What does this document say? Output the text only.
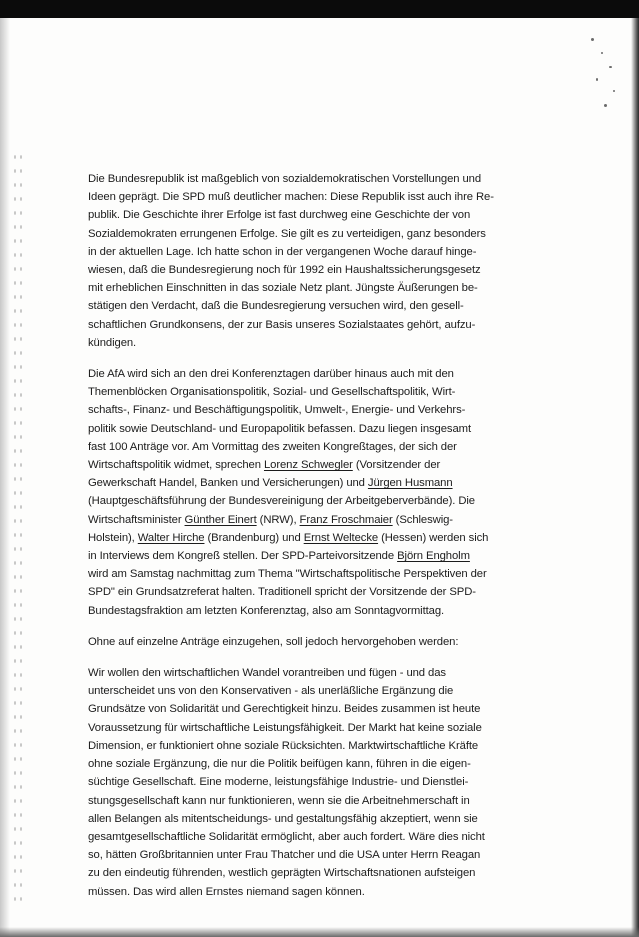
Die Bundesrepublik ist maßgeblich von sozialdemokratischen Vorstellungen und
Ideen geprägt. Die SPD muß deutlicher machen: Diese Republik isst auch ihre Re-
publik. Die Geschichte ihrer Erfolge ist fast durchweg eine Geschichte der von
Sozialdemokraten errungenen Erfolge. Sie gilt es zu verteidigen, ganz besonders
in der aktuellen Lage. Ich hatte schon in der vergangenen Woche darauf hinge-
wiesen, daß die Bundesregierung noch für 1992 ein Haushaltssicherungsgesetz
mit erheblichen Einschnitten in das soziale Netz plant. Jüngste Äußerungen be-
stätigen den Verdacht, daß die Bundesregierung versuchen wird, den gesell-
schaftlichen Grundkonsens, der zur Basis unseres Sozialstaates gehört, aufzu-
kündigen.

Die AfA wird sich an den drei Konferenztagen darüber hinaus auch mit den
Themenblöcken Organisationspolitik, Sozial- und Gesellschaftspolitik, Wirt-
schafts-, Finanz- und Beschäftigungspolitik, Umwelt-, Energie- und Verkehrs-
politik sowie Deutschland- und Europapolitik befassen. Dazu liegen insgesamt
fast 100 Anträge vor. Am Vormittag des zweiten Kongreßtages, der sich der
Wirtschaftspolitik widmet, sprechen Lorenz Schwegler (Vorsitzender der
Gewerkschaft Handel, Banken und Versicherungen) und Jürgen Husmann
(Hauptgeschäftsführung der Bundesvereinigung der Arbeitgeberverbände). Die
Wirtschaftsminister Günther Einert (NRW), Franz Froschmaier (Schleswig-
Holstein), Walter Hirche (Brandenburg) und Ernst Weltecke (Hessen) werden sich
in Interviews dem Kongreß stellen. Der SPD-Parteivorsitzende Björn Engholm
wird am Samstag nachmittag zum Thema "Wirtschaftspolitische Perspektiven der
SPD" ein Grundsatzreferat halten. Traditionell spricht der Vorsitzende der SPD-
Bundestagsfraktion am letzten Konferenztag, also am Sonntagvormittag.

Ohne auf einzelne Anträge einzugehen, soll jedoch hervorgehoben werden:

Wir wollen den wirtschaftlichen Wandel vorantreiben und fügen - und das
unterscheidet uns von den Konservativen - als unerläßliche Ergänzung die
Grundsätze von Solidarität und Gerechtigkeit hinzu. Beides zusammen ist heute
Voraussetzung für wirtschaftliche Leistungsfähigkeit. Der Markt hat keine soziale
Dimension, er funktioniert ohne soziale Rücksichten. Marktwirtschaftliche Kräfte
ohne soziale Ergänzung, die nur die Politik beifügen kann, führen in die eigen-
süchtige Gesellschaft. Eine moderne, leistungsfähige Industrie- und Dienstlei-
stungsgesellschaft kann nur funktionieren, wenn sie die Arbeitnehmerschaft in
allen Belangen als mitentscheidungs- und gestaltungsfähig akzeptiert, wenn sie
gesamtgesellschaftliche Solidarität ermöglicht, aber auch fordert. Wäre dies nicht
so, hätten Großbritannien unter Frau Thatcher und die USA unter Herrn Reagan
zu den eindeutig führenden, westlich geprägten Wirtschaftsnationen aufsteigen
müssen. Das wird allen Ernstes niemand sagen können.
